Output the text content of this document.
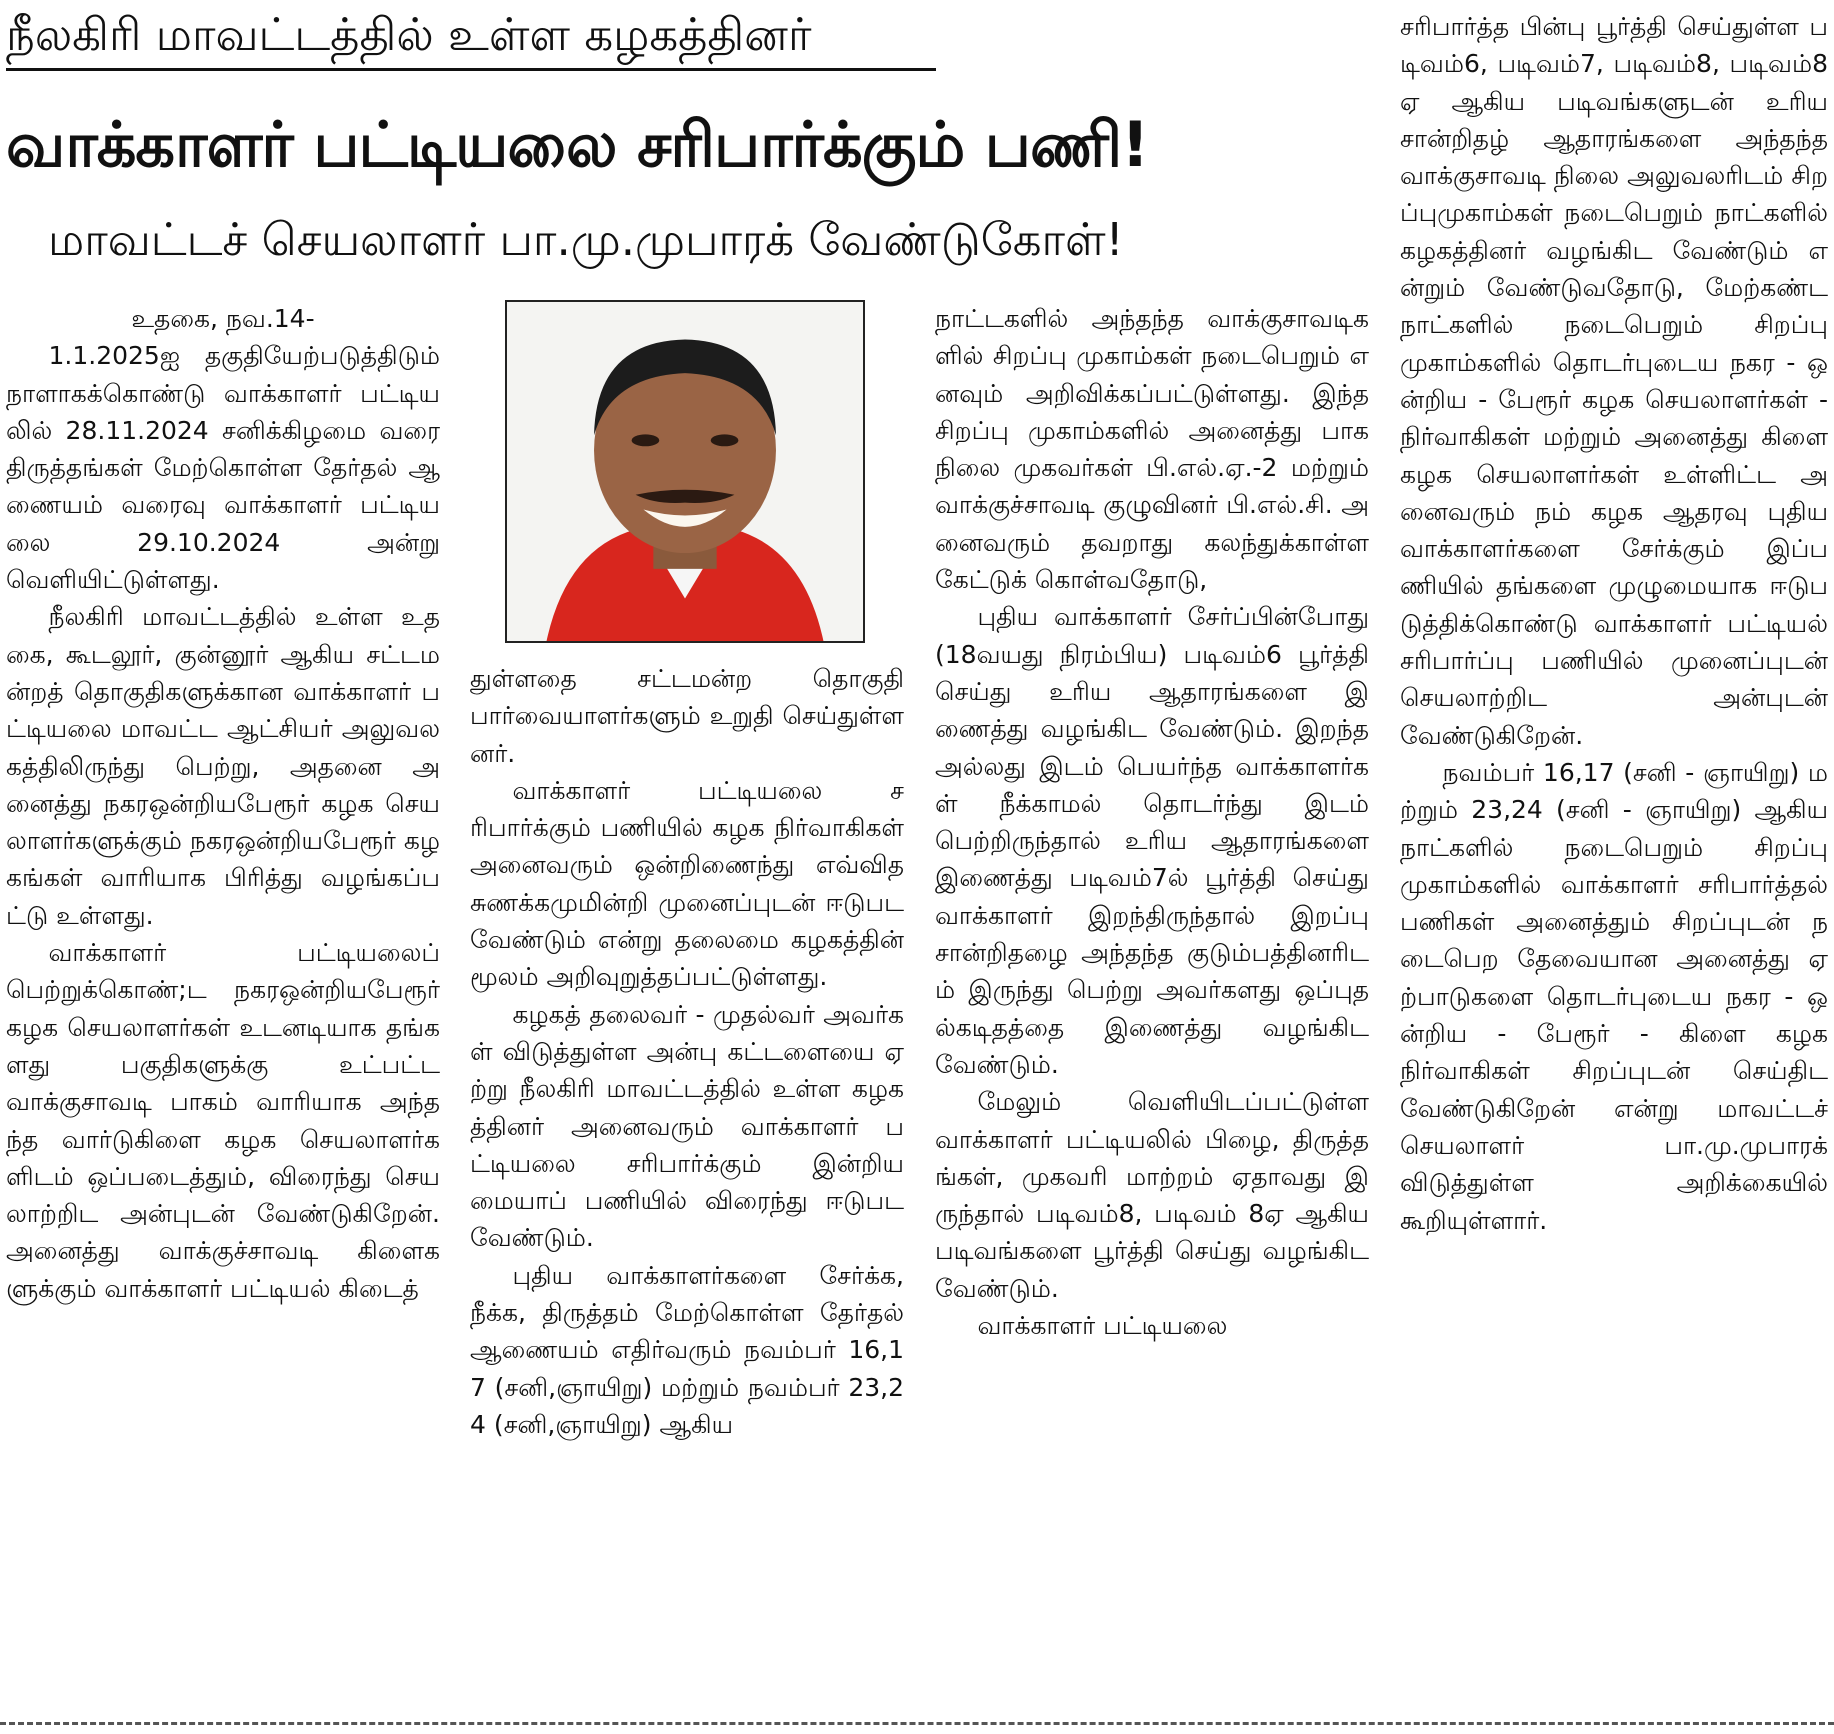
நீலகிரி மாவட்டத்தில் உள்ள கழகத்தினர்
வாக்காளர் பட்டியலை சரிபார்க்கும் பணி!
மாவட்டச் செயலாளர் பா.மு.முபாரக் வேண்டுகோள்!

உதகை, நவ.14-

1.1.2025ஐ தகுதியேற்படுத்திடும் நாளாகக்கொண்டு வாக்காளர் பட்டியலில் 28.11.2024 சனிக்கிழமை வரை திருத்தங்கள் மேற்கொள்ள தேர்தல் ஆணையம் வரைவு வாக்காளர் பட்டியலை 29.10.2024 அன்று வெளியிட்டுள்ளது.

நீலகிரி மாவட்டத்தில் உள்ள உதகை, கூடலூர், குன்னூர் ஆகிய சட்டமன்றத் தொகுதிகளுக்கான வாக்காளர் பட்டியலை மாவட்ட ஆட்சியர் அலுவலகத்திலிருந்து பெற்று, அதனை அனைத்து நகரஒன்றியபேரூர் கழக செயலாளர்களுக்கும் நகரஒன்றியபேரூர் கழகங்கள் வாரியாக பிரித்து வழங்கப்பட்டு உள்ளது.

வாக்காளர் பட்டியலைப் பெற்றுக்கொண்;ட நகரஒன்றியபேரூர் கழக செயலாளர்கள் உடனடியாக தங்களது பகுதிகளுக்கு உட்பட்ட வாக்குசாவடி பாகம் வாரியாக அந்தந்த வார்டுகிளை கழக செயலாளர்களிடம் ஒப்படைத்தும், விரைந்து செயலாற்றிட அன்புடன் வேண்டுகிறேன். அனைத்து வாக்குச்சாவடி கிளைகளுக்கும் வாக்காளர் பட்டியல் கிடைத்

துள்ளதை சட்டமன்ற தொகுதி பார்வையாளர்களும் உறுதி செய்துள்ளனர்.

வாக்காளர் பட்டியலை சரிபார்க்கும் பணியில் கழக நிர்வாகிகள் அனைவரும் ஒன்றிணைந்து எவ்வித சுணக்கமுமின்றி முனைப்புடன் ஈடுபட வேண்டும் என்று தலைமை கழகத்தின் மூலம் அறிவுறுத்தப்பட்டுள்ளது.

கழகத் தலைவர் - முதல்வர் அவர்கள் விடுத்துள்ள அன்பு கட்டளையை ஏற்று நீலகிரி மாவட்டத்தில் உள்ள கழகத்தினர் அனைவரும் வாக்காளர் பட்டியலை சரிபார்க்கும் இன்றியமையாப் பணியில் விரைந்து ஈடுபட வேண்டும்.

புதிய வாக்காளர்களை சேர்க்க, நீக்க, திருத்தம் மேற்கொள்ள தேர்தல் ஆணையம் எதிர்வரும் நவம்பர் 16,17 (சனி,ஞாயிறு) மற்றும் நவம்பர் 23,24 (சனி,ஞாயிறு) ஆகிய

நாட்டகளில் அந்தந்த வாக்குசாவடிகளில் சிறப்பு முகாம்கள் நடைபெறும் எனவும் அறிவிக்கப்பட்டுள்ளது. இந்த சிறப்பு முகாம்களில் அனைத்து பாக நிலை முகவர்கள் பி.எல்.ஏ.-2 மற்றும் வாக்குச்சாவடி குழுவினர் பி.எல்.சி. அனைவரும் தவறாது கலந்துக்காள்ள கேட்டுக் கொள்வதோடு,

புதிய வாக்காளர் சேர்ப்பின்போது (18வயது நிரம்பிய) படிவம்6 பூர்த்தி செய்து உரிய ஆதாரங்களை இணைத்து வழங்கிட வேண்டும். இறந்த அல்லது இடம் பெயர்ந்த வாக்காளர்கள் நீக்காமல் தொடர்ந்து இடம் பெற்றிருந்தால் உரிய ஆதாரங்களை இணைத்து படிவம்7ல் பூர்த்தி செய்து வாக்காளர் இறந்திருந்தால் இறப்பு சான்றிதழை அந்தந்த குடும்பத்தினரிடம் இருந்து பெற்று அவர்களது ஒப்புதல்கடிதத்தை இணைத்து வழங்கிட வேண்டும்.

மேலும் வெளியிடப்பட்டுள்ள வாக்காளர் பட்டியலில் பிழை, திருத்தங்கள், முகவரி மாற்றம் ஏதாவது இருந்தால் படிவம்8, படிவம் 8ஏ ஆகிய படிவங்களை பூர்த்தி செய்து வழங்கிட வேண்டும்.

வாக்காளர் பட்டியலை

சரிபார்த்த பின்பு பூர்த்தி செய்துள்ள படிவம்6, படிவம்7, படிவம்8, படிவம்8ஏ ஆகிய படிவங்களுடன் உரிய சான்றிதழ் ஆதாரங்களை அந்தந்த வாக்குசாவடி நிலை அலுவலரிடம் சிறப்புமுகாம்கள் நடைபெறும் நாட்களில் கழகத்தினர் வழங்கிட வேண்டும் என்றும் வேண்டுவதோடு, மேற்கண்ட நாட்களில் நடைபெறும் சிறப்பு முகாம்களில் தொடர்புடைய நகர - ஒன்றிய - பேரூர் கழக செயலாளர்கள் - நிர்வாகிகள் மற்றும் அனைத்து கிளை கழக செயலாளர்கள் உள்ளிட்ட அனைவரும் நம் கழக ஆதரவு புதிய வாக்காளர்களை சேர்க்கும் இப்பணியில் தங்களை முழுமையாக ஈடுபடுத்திக்கொண்டு வாக்காளர் பட்டியல் சரிபார்ப்பு பணியில் முனைப்புடன் செயலாற்றிட அன்புடன் வேண்டுகிறேன்.

நவம்பர் 16,17 (சனி - ஞாயிறு) மற்றும் 23,24 (சனி - ஞாயிறு) ஆகிய நாட்களில் நடைபெறும் சிறப்பு முகாம்களில் வாக்காளர் சரிபார்த்தல் பணிகள் அனைத்தும் சிறப்புடன் நடைபெற தேவையான அனைத்து ஏற்பாடுகளை தொடர்புடைய நகர - ஒன்றிய - பேரூர் - கிளை கழக நிர்வாகிகள் சிறப்புடன் செய்திட வேண்டுகிறேன் என்று மாவட்டச் செயலாளர் பா.மு.முபாரக் விடுத்துள்ள அறிக்கையில் கூறியுள்ளார்.
